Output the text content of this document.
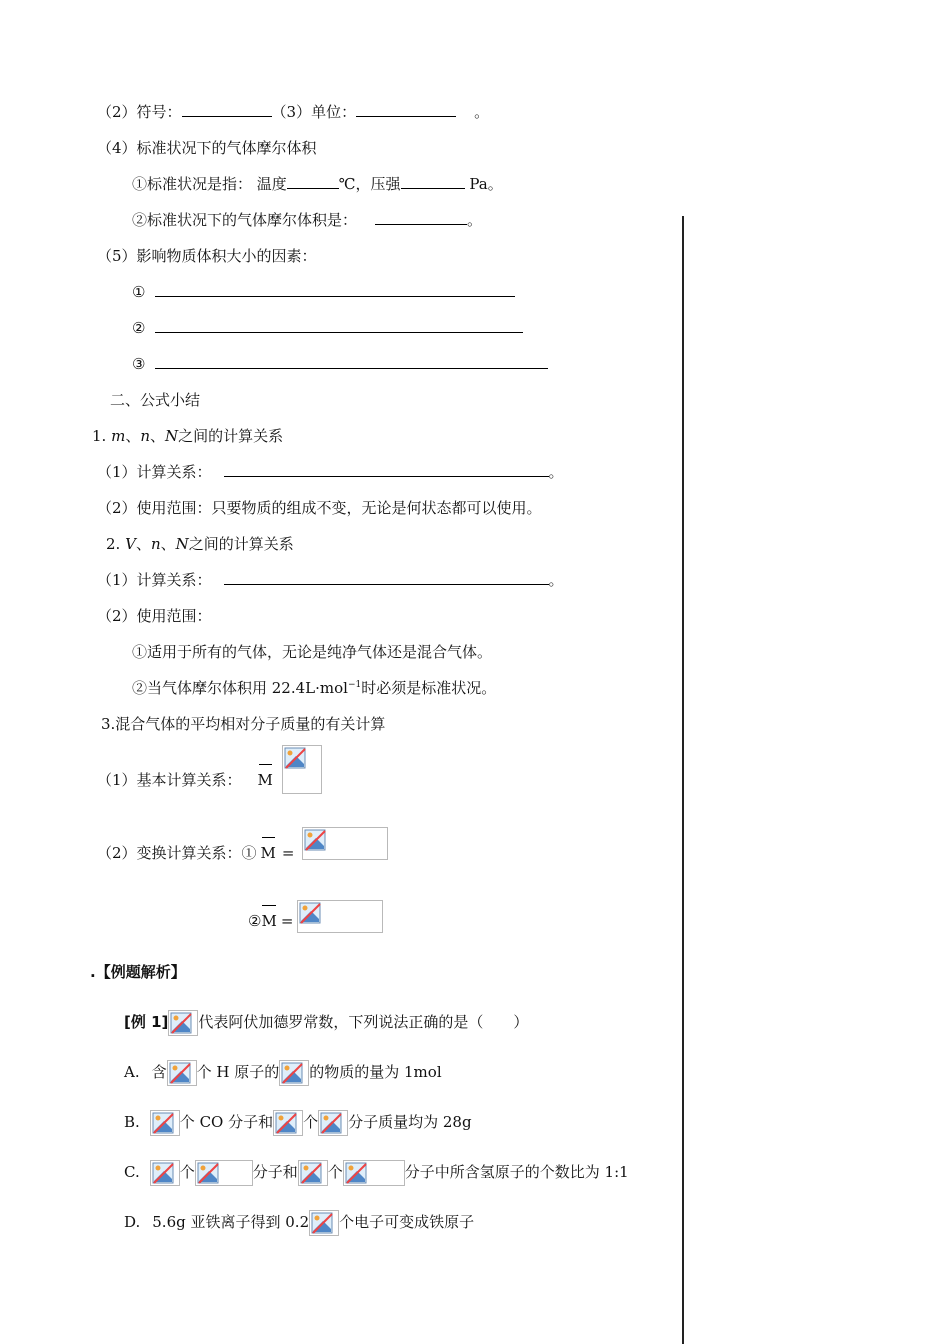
（2）符号：	（3）单位：	。
（4）标准状况下的气体摩尔体积
①标准状况是指： 温度	℃，压强	Pa。
②标准状况下的气体摩尔体积是：	。
（5）影响物质体积大小的因素：
①
②
③
二、公式小结
1. m、n、N之间的计算关系
（1）计算关系：	。
（2）使用范围：只要物质的组成不变，无论是何状态都可以使用。
2. V、n、N之间的计算关系
（1）计算关系：	。
（2）使用范围：
①适用于所有的气体，无论是纯净气体还是混合气体。
②当气体摩尔体积用 22.4L·mol$^{-1}$时必须是标准状况。
3.混合气体的平均相对分子质量的有关计算
（1）基本计算关系： M
（2）变换计算关系：① M =
②M =
.【例题解析】
[例 1] 代表阿伏加德罗常数，下列说法正确的是（　　）
A. 含 个 H 原子的 的物质的量为 1mol
B.	个 CO 分子和 个 分子质量均为 28g
C.	个	分子和 个	分子中所含氢原子的个数比为 1:1
D. 5.6g 亚铁离子得到 0.2 个电子可变成铁原子
